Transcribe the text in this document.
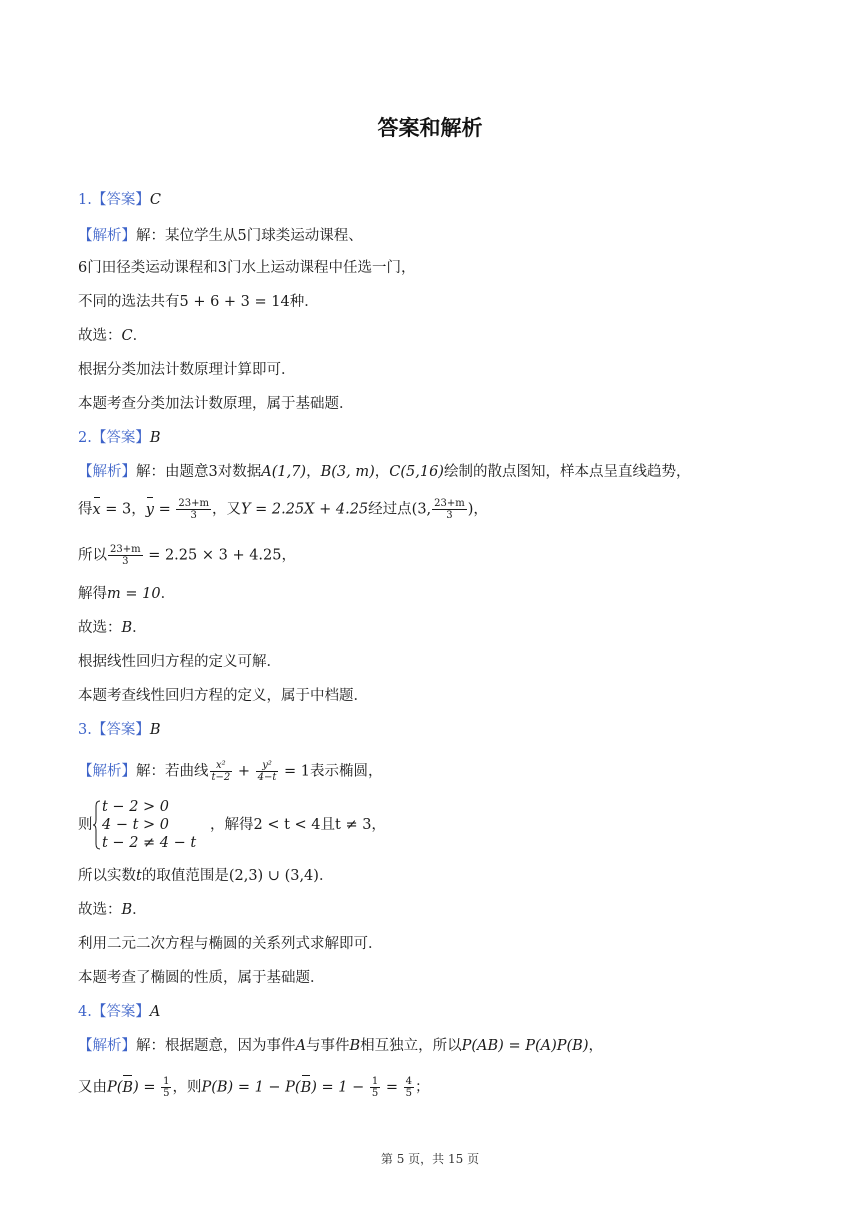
答案和解析
1.【答案】C
【解析】解：某位学生从5门球类运动课程、
6门田径类运动课程和3门水上运动课程中任选一门，
不同的选法共有5 + 6 + 3 = 14种．
故选：C．
根据分类加法计数原理计算即可．
本题考查分类加法计数原理，属于基础题．
2.【答案】B
【解析】解：由题意3对数据A(1,7)，B(3, m)，C(5,16)绘制的散点图知，样本点呈直线趋势，
得x = 3，$y = \frac{23+m}{3}$ ，又Y = 2.25X + 4.25经过点(3, $\frac{23+m}{3}$ )，
所以 $\frac{23+m}{3} = 2.25 \times 3 + 4.25$，
解得m = 10．
故选：B．
根据线性回归方程的定义可解．
本题考查线性回归方程的定义，属于中档题．
3.【答案】B
【解析】解：若曲线 $\frac{\text{x²}}{t-2} + \frac{\text{y²}}{4-t} = 1$表示椭圆，
则
t − 2 > 0
4 − t > 0
t − 2 ≠ 4 − t
，解得2 < t < 4且t ≠ 3，
所以实数t的取值范围是(2,3) ∪ (3,4)．
故选：B．
利用二元二次方程与椭圆的关系列式求解即可．
本题考查了椭圆的性质，属于基础题．
4.【答案】A
【解析】解：根据题意，因为事件A与事件B相互独立，所以P(AB) = P(A)P(B)，
又由$P(B) = \frac{1}{5}$ ，则$P(B) = 1 - P(B) = 1 - \frac{1}{5} = \frac{4}{5}$ ；
第 5 页，共 15 页
